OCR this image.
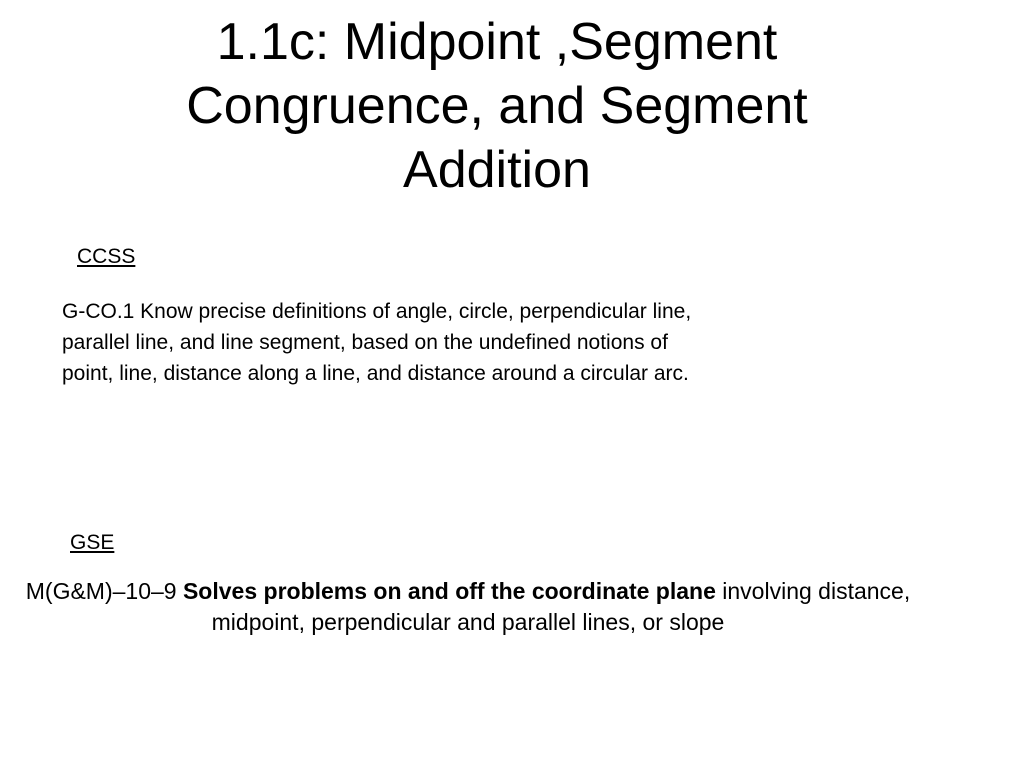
1.1c: Midpoint ,Segment
Congruence, and Segment
Addition
CCSS

G-CO.1 Know precise definitions of angle, circle, perpendicular line,
parallel line, and line segment, based on the undefined notions of
point, line, distance along a line, and distance around a circular arc.

GSE

M(G&M)–10–9 Solves problems on and off the coordinate plane involving distance, midpoint, perpendicular and parallel lines, or slope
